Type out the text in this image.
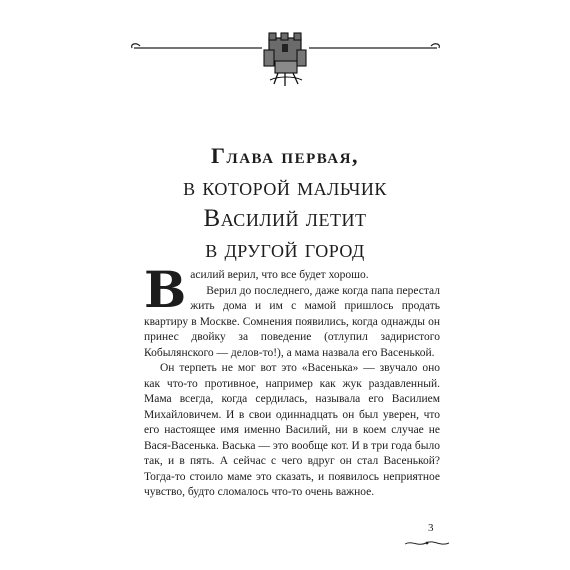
Глава первая,
в которой мальчик
Василий летит
в другой город
В асилий верил, что все будет хорошо.

Верил до последнего, даже когда папа перестал жить дома и им с мамой пришлось продать квартиру в Москве. Сомнения появились, когда однажды он принес двойку за поведение (отлупил задиристого Кобылянского — делов-то!), а мама назвала его Васенькой.

Он терпеть не мог вот это «Васенька» — звучало оно как что-то противное, например как жук раздавленный. Мама всегда, когда сердилась, называла его Василием Михайловичем. И в свои одиннадцать он был уверен, что его настоящее имя именно Василий, ни в коем случае не Вася-Васенька. Васька — это вообще кот. И в три года было так, и в пять. А сейчас с чего вдруг он стал Васенькой? Тогда-то стоило маме это сказать, и появилось неприятное чувство, будто сломалось что-то очень важное.

3
